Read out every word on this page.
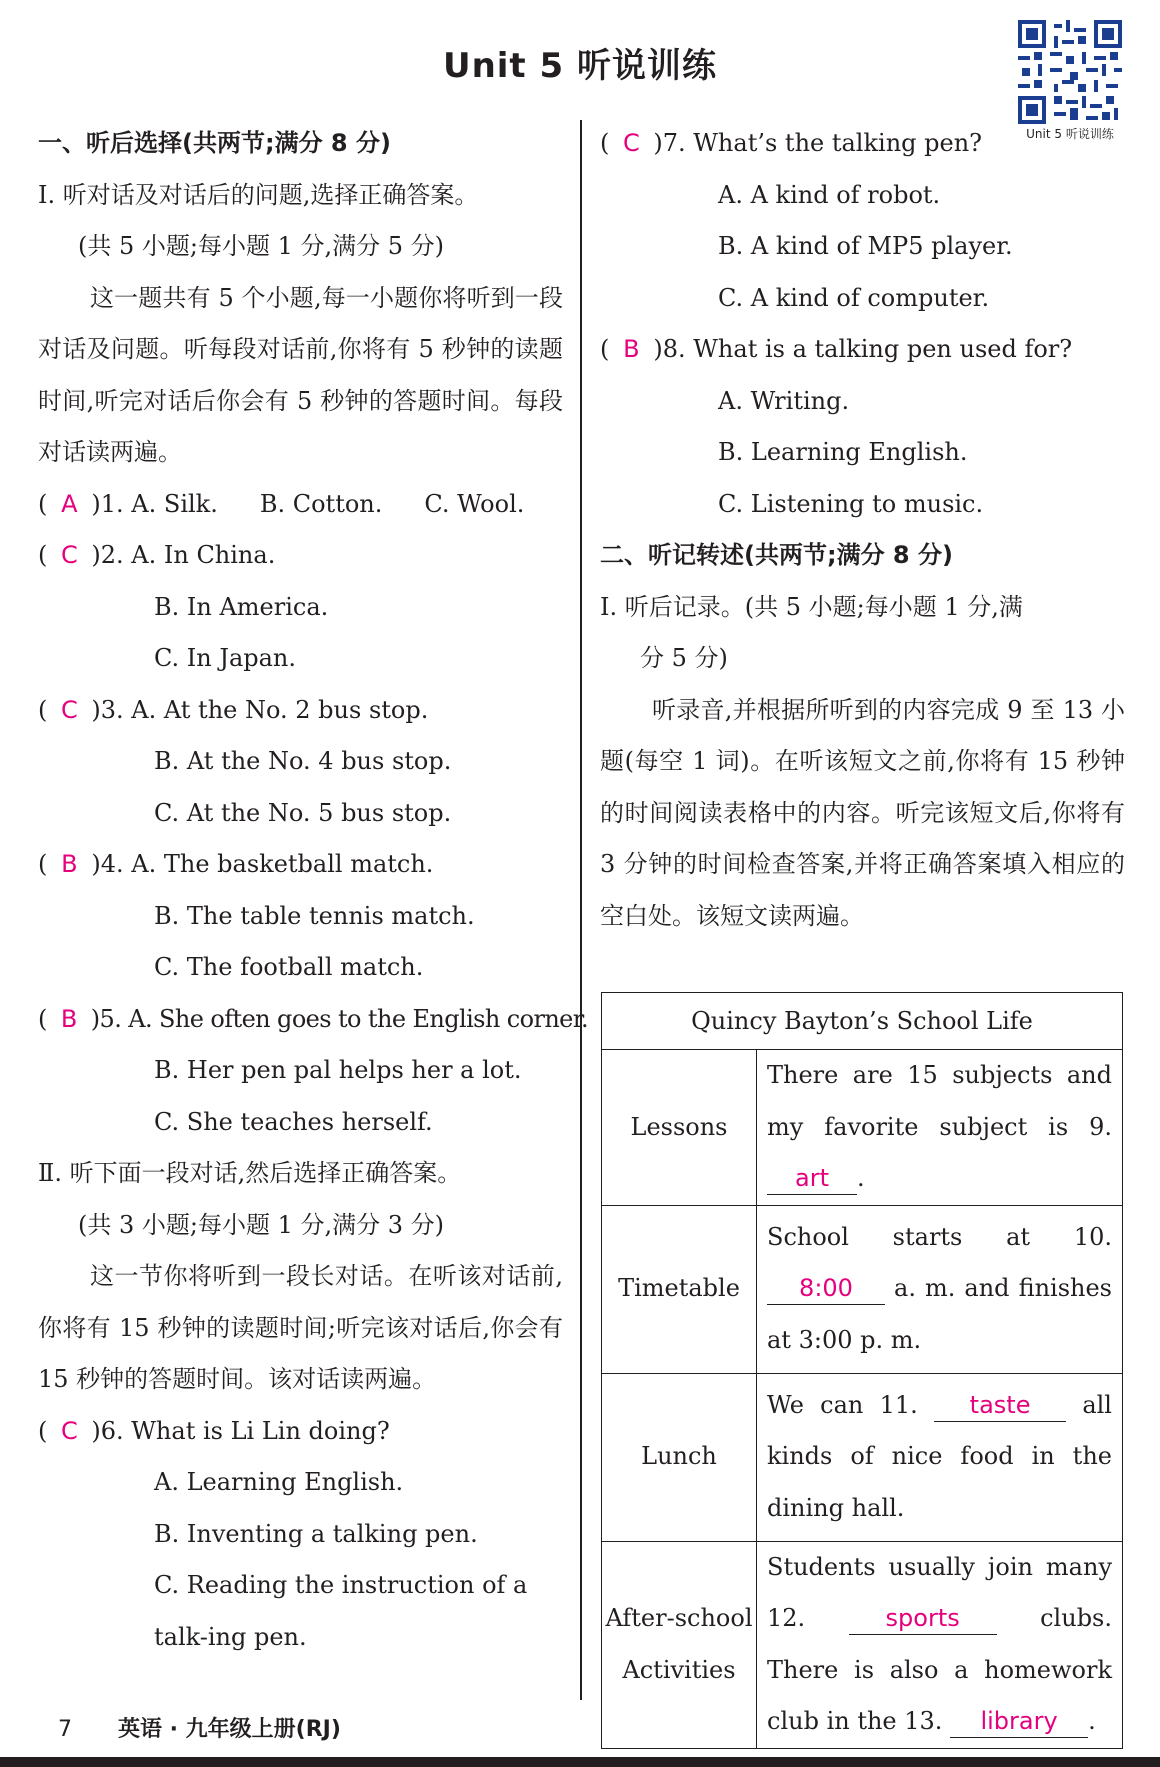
Unit 5 听说训练
Unit 5 听说训练
一、听后选择(共两节;满分 8 分)
Ⅰ. 听对话及对话后的问题,选择正确答案。
(共 5 小题;每小题 1 分,满分 5 分)
这一题共有 5 个小题,每一小题你将听到一段对话及问题。听每段对话前,你将有 5 秒钟的读题时间,听完对话后你会有 5 秒钟的答题时间。每段对话读两遍。
( A )1. A. Silk. B. Cotton. C. Wool.
( C )2. A. In China.
B. In America.
C. In Japan.
( C )3. A. At the No. 2 bus stop.
B. At the No. 4 bus stop.
C. At the No. 5 bus stop.
( B )4. A. The basketball match.
B. The table tennis match.
C. The football match.
( B )5. A. She often goes to the English corner.
B. Her pen pal helps her a lot.
C. She teaches herself.
Ⅱ. 听下面一段对话,然后选择正确答案。
(共 3 小题;每小题 1 分,满分 3 分)
这一节你将听到一段长对话。在听该对话前,你将有 15 秒钟的读题时间;听完该对话后,你会有 15 秒钟的答题时间。该对话读两遍。
( C )6. What is Li Lin doing?
A. Learning English.
B. Inventing a talking pen.
C. Reading the instruction of a talk-ing pen.
( C )7. What’s the talking pen?
A. A kind of robot.
B. A kind of MP5 player.
C. A kind of computer.
( B )8. What is a talking pen used for?
A. Writing.
B. Learning English.
C. Listening to music.
二、听记转述(共两节;满分 8 分)
Ⅰ. 听后记录。(共 5 小题;每小题 1 分,满
分 5 分)
听录音,并根据所听到的内容完成 9 至 13 小题(每空 1 词)。在听该短文之前,你将有 15 秒钟的时间阅读表格中的内容。听完该短文后,你将有 3 分钟的时间检查答案,并将正确答案填入相应的空白处。该短文读两遍。
Quincy Bayton’s School Life	
Lessons	There are 15 subjects and my favorite subject is 9. art .
Timetable	School starts at 10. 8:00 a. m. and finishes at 3:00 p. m.
Lunch	We can 11. taste all kinds of nice food in the dining hall.
After-school Activities	Students usually join many 12. sports clubs. There is also a homework club in the 13. library .
7 英语 · 九年级上册(RJ)
